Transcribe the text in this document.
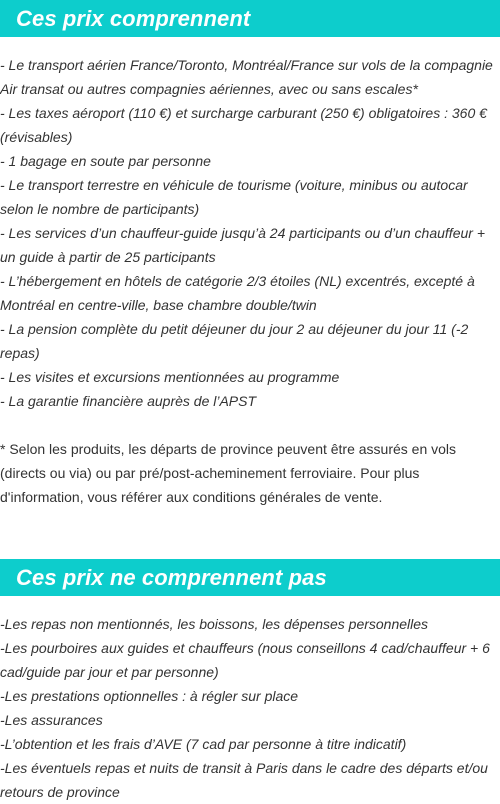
Ces prix comprennent
- Le transport aérien France/Toronto, Montréal/France sur vols de la compagnie Air transat ou autres compagnies aériennes, avec ou sans escales*
- Les taxes aéroport (110 €) et surcharge carburant (250 €) obligatoires : 360 € (révisables)
- 1 bagage en soute par personne
- Le transport terrestre en véhicule de tourisme (voiture, minibus ou autocar selon le nombre de participants)
- Les services d’un chauffeur-guide jusqu’à 24 participants ou d’un chauffeur + un guide à partir de 25 participants
- L’hébergement en hôtels de catégorie 2/3 étoiles (NL) excentrés, excepté à Montréal en centre-ville, base chambre double/twin
- La pension complète du petit déjeuner du jour 2 au déjeuner du jour 11 (-2 repas)
- Les visites et excursions mentionnées au programme
- La garantie financière auprès de l’APST

* Selon les produits, les départs de province peuvent être assurés en vols (directs ou via) ou par pré/post-acheminement ferroviaire. Pour plus d'information, vous référer aux conditions générales de vente.

Ces prix ne comprennent pas
-Les repas non mentionnés, les boissons, les dépenses personnelles
-Les pourboires aux guides et chauffeurs (nous conseillons 4 cad/chauffeur + 6 cad/guide par jour et par personne)
-Les prestations optionnelles : à régler sur place
-Les assurances
-L’obtention et les frais d’AVE (7 cad par personne à titre indicatif)
-Les éventuels repas et nuits de transit à Paris dans le cadre des départs et/ou retours de province
